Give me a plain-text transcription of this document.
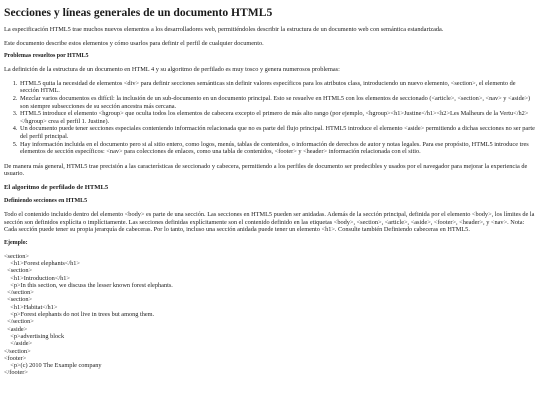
Secciones y líneas generales de un documento HTML5

La especificación HTML5 trae muchos nuevos elementos a los desarrolladores web, permitiéndoles describir la estructura de un documento web con semántica estandarizada.

Este documento describe estos elementos y cómo usarlos para definir el perfil de cualquier documento.

Problemas resueltos por HTML5

La definición de la estructura de un documento en HTML 4 y su algoritmo de perfilado es muy tosco y genera numerosos problemas:

1. HTML5 quita la necesidad de elementos <div> para definir secciones semánticas sin definir valores específicos para los atributos class, introduciendo un nuevo elemento, <section>, el elemento de sección HTML.
2. Mezclar varios documentos es difícil: la inclusión de un sub-documento en un documento principal. Esto se resuelve en HTML5 con los elementos de seccionado (<article>, <section>, <nav> y <aside>) son siempre subsecciones de su sección ancestra más cercana.
3. HTML5 introduce el elemento <hgroup> que oculta todos los elementos de cabecera excepto el primero de más alto rango (por ejemplo, <hgroup><h1>Justine</h1><h2>Les Malheurs de la Vertu</h2></hgroup> crea el perfil 1. Justine).
4. Un documento puede tener secciones especiales conteniendo información relacionada que no es parte del flujo principal. HTML5 introduce el elemento <aside> permitiendo a dichas secciones no ser parte del perfil principal.
5. Hay información incluida en el documento pero si al sitio entero, como logos, menús, tablas de contenidos, o información de derechos de autor y notas legales. Para ese propósito, HTML5 introduce tres elementos de sección específicos: <nav> para colecciones de enlaces, como una tabla de contenidos, <footer> y <header> información relacionada con el sitio.

De manera más general, HTML5 trae precisión a las características de seccionado y cabecera, permitiendo a los perfiles de documento ser predecibles y usados por el navegador para mejorar la experiencia de usuario.

El algoritmo de perfilado de HTML5
Definiendo secciones en HTML5

Todo el contenido incluido dentro del elemento <body> es parte de una sección. Las secciones en HTML5 pueden ser anidadas. Además de la sección principal, definida por el elemento <body>, los límites de la sección son definidos explícita o implícitamente. Las secciones definidas explícitamente son el contenido definido en las etiquetas <body>, <section>, <article>, <aside>, <footer>, <header>, y <nav>. Nota: Cada sección puede tener su propia jerarquía de cabeceras. Por lo tanto, incluso una sección anidada puede tener un elemento <h1>. Consulte también Definiendo cabeceras en HTML5.

Ejemplo:
<section>
<h1>Forest elephants</h1>
<section>
<h1>Introduction</h1>
<p>In this section, we discuss the lesser known forest elephants.
</section>
<section>
<h1>Habitat</h1>
<p>Forest elephants do not live in trees but among them.
</section>
<aside>
<p>advertising block
</aside>
</section>
<footer>
<p>(c) 2010 The Example company
</footer>
